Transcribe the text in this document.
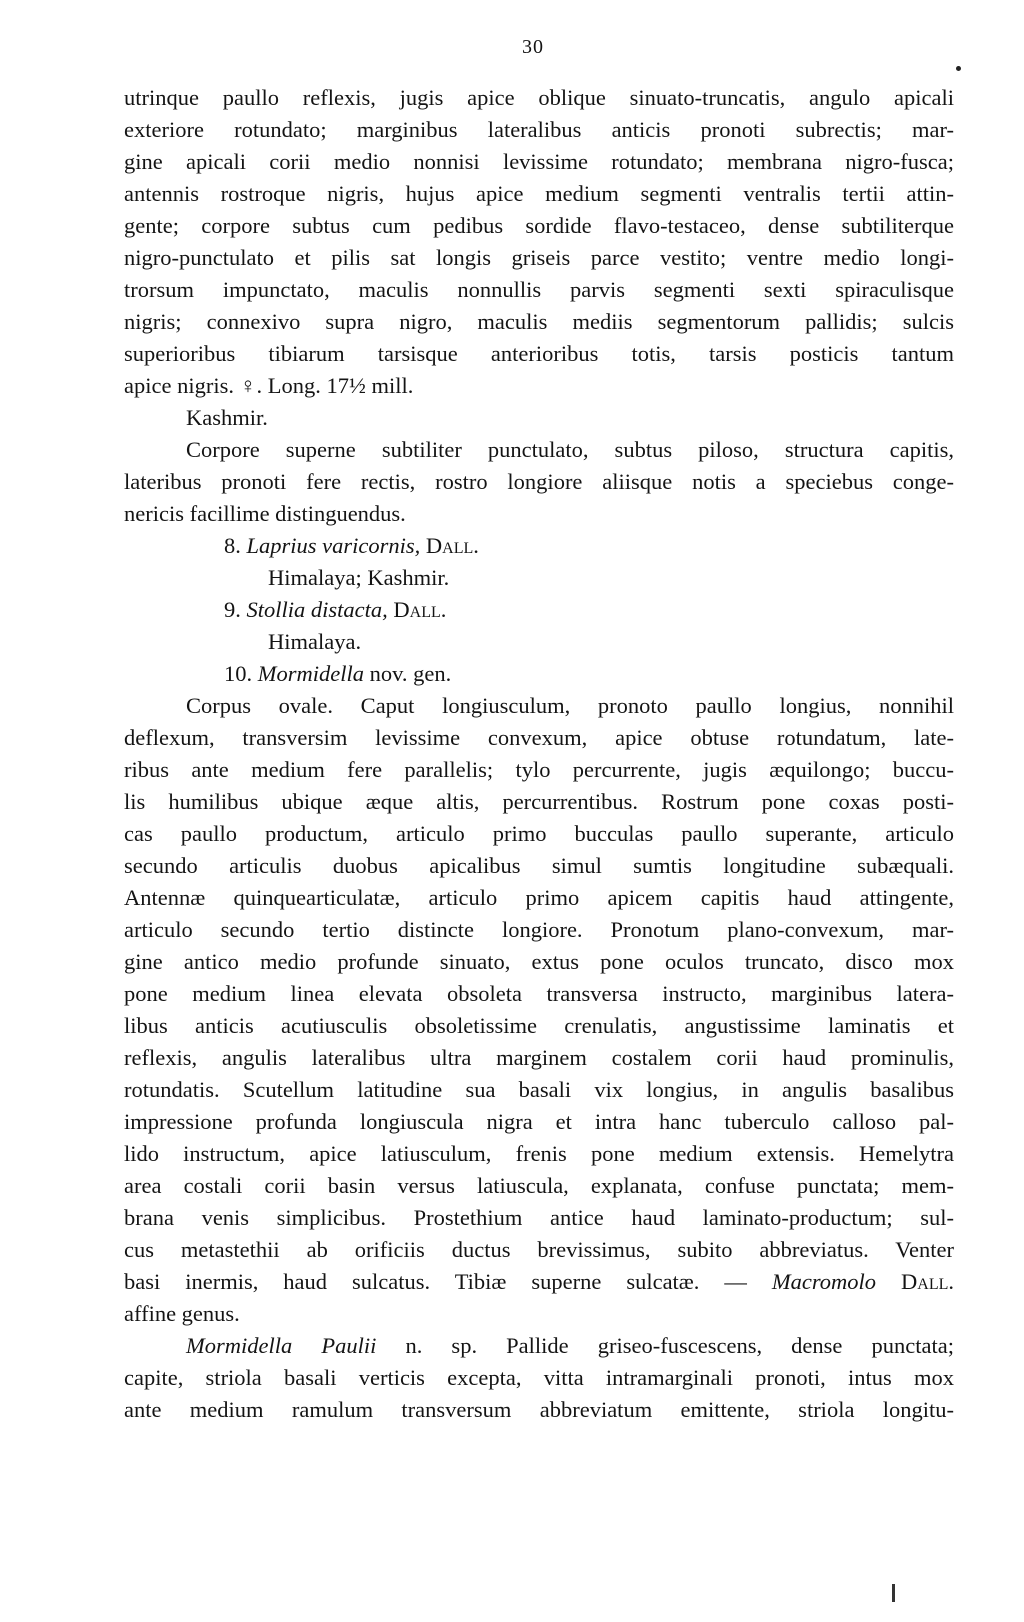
30
utrinque paullo reflexis, jugis apice oblique sinuato-truncatis, angulo apicali
exteriore rotundato; marginibus lateralibus anticis pronoti subrectis; mar-
gine apicali corii medio nonnisi levissime rotundato; membrana nigro-fusca;
antennis rostroque nigris, hujus apice medium segmenti ventralis tertii attin-
gente; corpore subtus cum pedibus sordide flavo-testaceo, dense subtiliterque
nigro-punctulato et pilis sat longis griseis parce vestito; ventre medio longi-
trorsum impunctato, maculis nonnullis parvis segmenti sexti spiraculisque
nigris; connexivo supra nigro, maculis mediis segmentorum pallidis; sulcis
superioribus tibiarum tarsisque anterioribus totis, tarsis posticis tantum
apice nigris. ♀. Long. 17½ mill.
Kashmir.
Corpore superne subtiliter punctulato, subtus piloso, structura capitis,
lateribus pronoti fere rectis, rostro longiore aliisque notis a speciebus conge-
nericis facillime distinguendus.
8. Laprius varicornis, Dall.
Himalaya; Kashmir.
9. Stollia distacta, Dall.
Himalaya.
10. Mormidella nov. gen.
Corpus ovale. Caput longiusculum, pronoto paullo longius, nonnihil
deflexum, transversim levissime convexum, apice obtuse rotundatum, late-
ribus ante medium fere parallelis; tylo percurrente, jugis æquilongo; buccu-
lis humilibus ubique æque altis, percurrentibus. Rostrum pone coxas posti-
cas paullo productum, articulo primo bucculas paullo superante, articulo
secundo articulis duobus apicalibus simul sumtis longitudine subæquali.
Antennæ quinquearticulatæ, articulo primo apicem capitis haud attingente,
articulo secundo tertio distincte longiore. Pronotum plano-convexum, mar-
gine antico medio profunde sinuato, extus pone oculos truncato, disco mox
pone medium linea elevata obsoleta transversa instructo, marginibus latera-
libus anticis acutiusculis obsoletissime crenulatis, angustissime laminatis et
reflexis, angulis lateralibus ultra marginem costalem corii haud prominulis,
rotundatis. Scutellum latitudine sua basali vix longius, in angulis basalibus
impressione profunda longiuscula nigra et intra hanc tuberculo calloso pal-
lido instructum, apice latiusculum, frenis pone medium extensis. Hemelytra
area costali corii basin versus latiuscula, explanata, confuse punctata; mem-
brana venis simplicibus. Prostethium antice haud laminato-productum; sul-
cus metastethii ab orificiis ductus brevissimus, subito abbreviatus. Venter
basi inermis, haud sulcatus. Tibiæ superne sulcatæ. — Macromolo Dall.
affine genus.
Mormidella Paulii n. sp. Pallide griseo-fuscescens, dense punctata;
capite, striola basali verticis excepta, vitta intramarginali pronoti, intus mox
ante medium ramulum transversum abbreviatum emittente, striola longitu-
